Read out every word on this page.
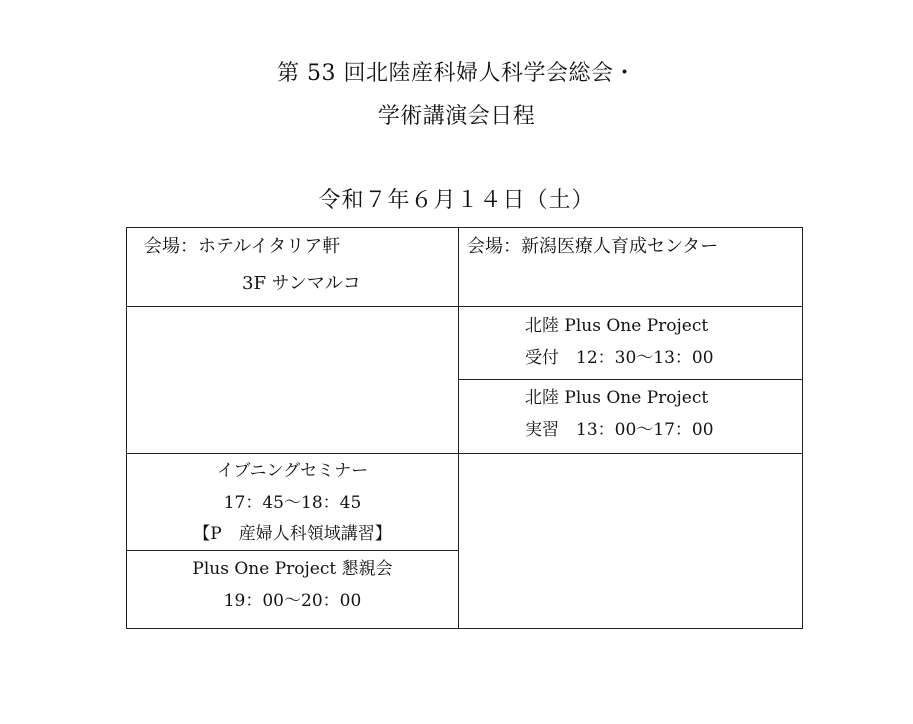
第 53 回北陸産科婦人科学会総会・
学術講演会日程
令和７年６月１４日（土）
会場：ホテルイタリア軒
3F サンマルコ
会場：新潟医療人育成センター
北陸 Plus One Project
受付　12：30〜13：00
北陸 Plus One Project
実習　13：00〜17：00
イブニングセミナー
17：45〜18：45
【P　産婦人科領域講習】
Plus One Project 懇親会
19：00〜20：00
